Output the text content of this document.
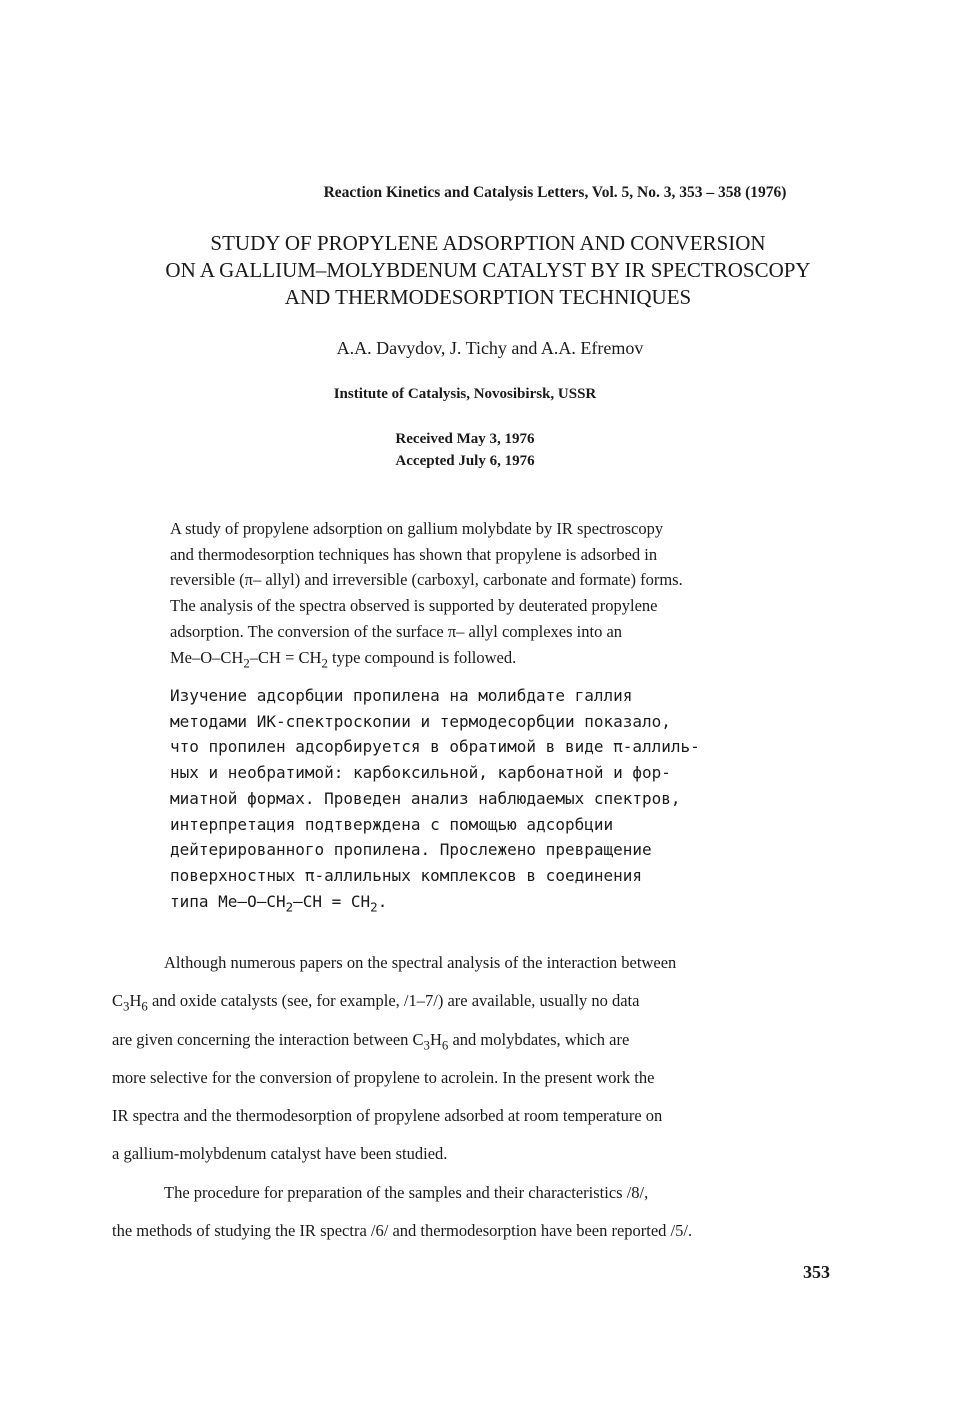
Reaction Kinetics and Catalysis Letters, Vol. 5, No. 3, 353 – 358 (1976)
STUDY OF PROPYLENE ADSORPTION AND CONVERSION
ON A GALLIUM–MOLYBDENUM CATALYST BY IR SPECTROSCOPY
AND THERMODESORPTION TECHNIQUES
A.A. Davydov, J. Tichy and A.A. Efremov
Institute of Catalysis, Novosibirsk, USSR
Received May 3, 1976
Accepted July 6, 1976
A study of propylene adsorption on gallium molybdate by IR spectroscopy
and thermodesorption techniques has shown that propylene is adsorbed in
reversible (π– allyl) and irreversible (carboxyl, carbonate and formate) forms.
The analysis of the spectra observed is supported by deuterated propylene
adsorption. The conversion of the surface π– allyl complexes into an
$Me-O-CH_2-CH = CH_2$ type compound is followed.
Изучение адсорбции пропилена на молибдате галлия
методами ИК-спектроскопии и термодесорбции показало,
что пропилен адсорбируется в обратимой в виде π-аллиль-
ных и необратимой: карбоксильной, карбонатной и фор-
миатной формах. Проведен анализ наблюдаемых спектров,
интерпретация подтверждена с помощью адсорбции
дейтерированного пропилена. Прослежено превращение
поверхностных π-аллильных комплексов в соединения
типа $Me-O-CH_2-CH = CH_2$.
Although numerous papers on the spectral analysis of the interaction between
$C_3H_6$ and oxide catalysts (see, for example, /1–7/) are available, usually no data
are given concerning the interaction between $C_3H_6$ and molybdates, which are
more selective for the conversion of propylene to acrolein. In the present work the
IR spectra and the thermodesorption of propylene adsorbed at room temperature on
a gallium-molybdenum catalyst have been studied.
The procedure for preparation of the samples and their characteristics /8/,
the methods of studying the IR spectra /6/ and thermodesorption have been reported /5/.
353
